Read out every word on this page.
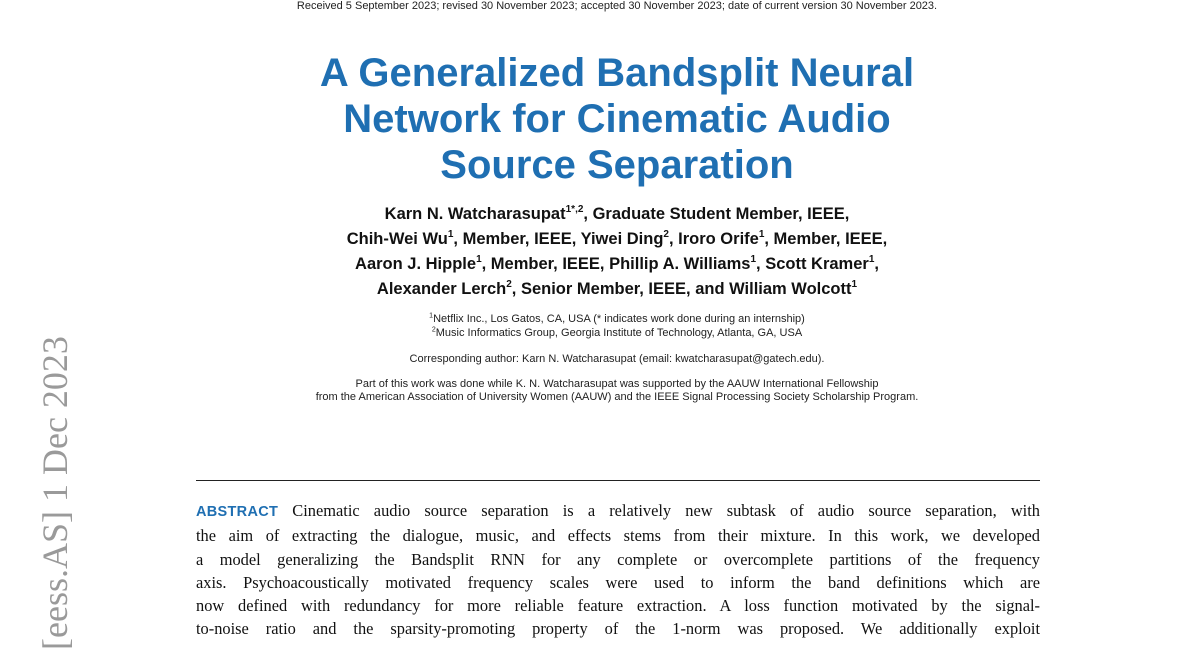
Received 5 September 2023; revised 30 November 2023; accepted 30 November 2023; date of current version 30 November 2023.
A Generalized Bandsplit Neural
Network for Cinematic Audio
Source Separation
Karn N. Watcharasupat$^{1*,2}$, Graduate Student Member, IEEE,
Chih-Wei Wu$^1$, Member, IEEE, Yiwei Ding$^2$, Iroro Orife$^1$, Member, IEEE,
Aaron J. Hipple$^1$, Member, IEEE, Phillip A. Williams$^1$, Scott Kramer$^1$,
Alexander Lerch$^2$, Senior Member, IEEE, and William Wolcott$^1$
$^1$Netflix Inc., Los Gatos, CA, USA (* indicates work done during an internship)
$^2$Music Informatics Group, Georgia Institute of Technology, Atlanta, GA, USA
Corresponding author: Karn N. Watcharasupat (email: kwatcharasupat@gatech.edu).
Part of this work was done while K. N. Watcharasupat was supported by the AAUW International Fellowship
from the American Association of University Women (AAUW) and the IEEE Signal Processing Society Scholarship Program.
ABSTRACT Cinematic audio source separation is a relatively new subtask of audio source separation, with
the aim of extracting the dialogue, music, and effects stems from their mixture. In this work, we developed
a model generalizing the Bandsplit RNN for any complete or overcomplete partitions of the frequency
axis. Psychoacoustically motivated frequency scales were used to inform the band definitions which are
now defined with redundancy for more reliable feature extraction. A loss function motivated by the signal-
to-noise ratio and the sparsity-promoting property of the 1-norm was proposed. We additionally exploit
[eess.AS] 1 Dec 2023
